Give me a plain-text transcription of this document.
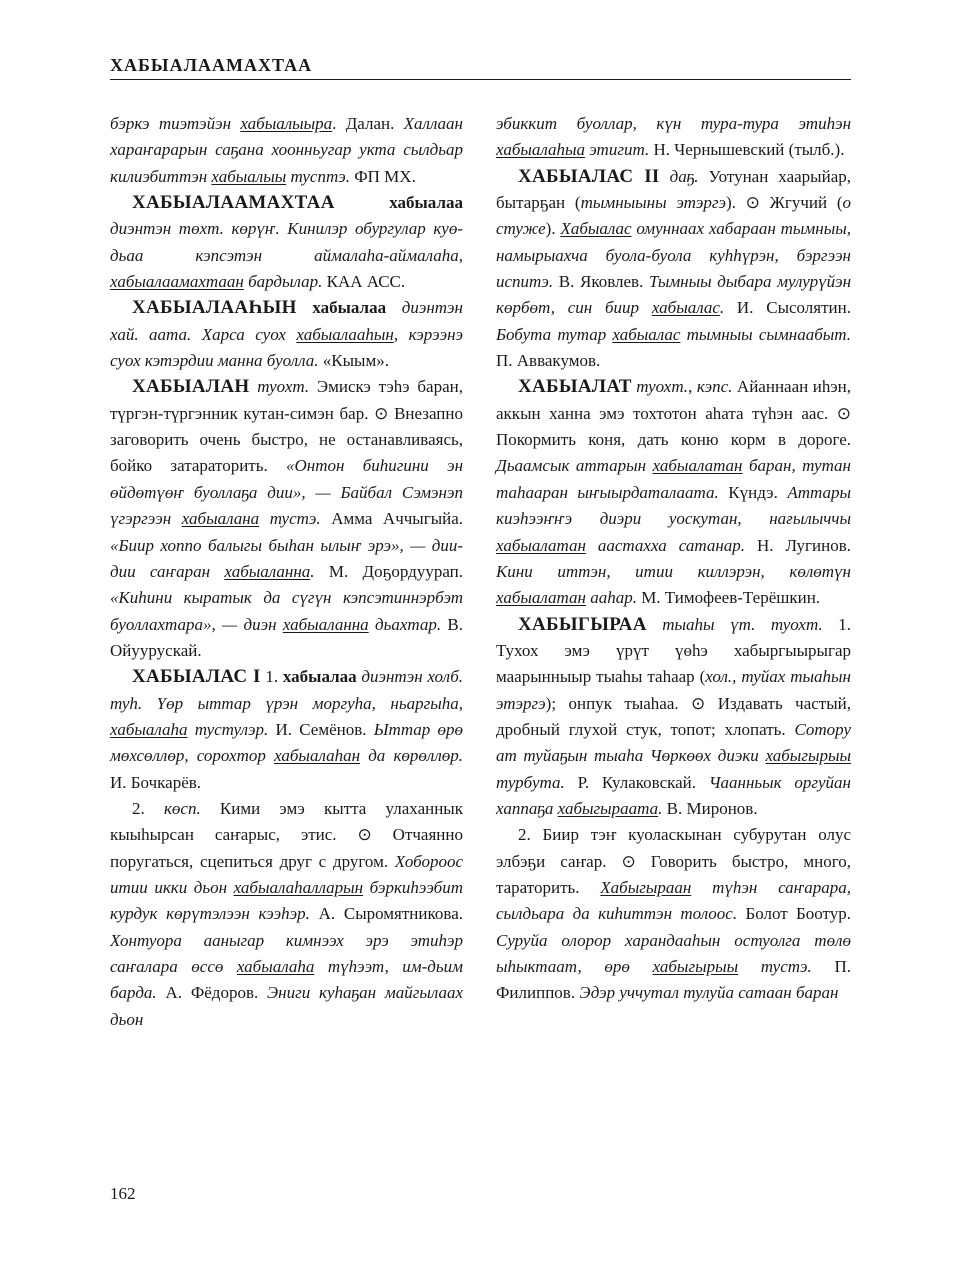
ХАБЫАЛААМАХТАА

бэркэ тиэтэйэн хабыалыыра. Далан. Халлаан хараҥарарын саҕана хоонньугар укта сылдьар килиэбиттэн хабыалыы тусптэ. ФП МХ.

ХАБЫАЛААМАХТАА хабыалаа диэнтэн төхт. көрүҥ. Кинилэр обургулар куө-дьаа кэпсэтэн аймалаһа-аймалаһа, хабыалаамахтаан бардылар. КАА АСС.

ХАБЫАЛААҺЫН хабыалаа диэнтэн хай. аата. Харса суох хабыалааһын, кэрээнэ суох кэтэрдии манна буолла. «Кыым».

ХАБЫАЛАН туохт. Эмискэ тэһэ баран, түргэн-түргэнник кутан-симэн бар. ⊙ Внезапно заговорить очень быстро, не останавливаясь, бойко затараторить. «Онтон биһигини эн өйдөтүөҥ буоллаҕа дии», — Байбал Сэмэнэп үгэргээн хабыалана тустэ. Амма Аччыгыйа. «Биир хоппо балыгы быһан ылыҥ эрэ», — дии-дии саҥаран хабыаланна. М. Доҕордуурап. «Киһини кыратык да сүгүн кэпсэтиннэрбэт буоллахтара», — диэн хабыаланна дьахтар. В. Ойуурускай.

ХАБЫАЛАС I 1. хабыалаа диэнтэн холб. туһ. Үөр ыттар үрэн моргуһа, ньаргыһа, хабыалаһа тустулэр. И. Семёнов. Ыттар өрө мөхсөллөр, сорохтор хабыалаһан да көрөллөр. И. Бочкарёв.

2. көсп. Кими эмэ кытта улаханнык кыыһырсан саҥарыс, этис. ⊙ Отчаянно поругаться, сцепиться друг с другом. Хобороос итии икки дьон хабыалаһалларын бэркиһээбит курдук көрүтэлээн кээһэр. А. Сыромятникова. Хонтуора ааныгар кимнээх эрэ этиһэр саҥалара өссө хабыалаһа түһээт, им-дьим барда. А. Фёдоров. Эниги куһаҕан майгылаах дьон

эбиккит буоллар, күн тура-тура этиһэн хабыалаһыа этигит. Н. Чернышевский (тылб.).

ХАБЫАЛАС II даҕ. Уотунан хаарыйар, бытарҕан (тымныыны этэргэ). ⊙ Жгучий (о стуже). Хабыалас омуннаах хабараан тымныы, намырыахча буола-буола куһһүрэн, бэргээн испитэ. В. Яковлев. Тымныы дыбара мулурүйэн көрбөт, син биир хабыалас. И. Сысолятин. Бобута тутар хабыалас тымныы сымнаабыт. П. Аввакумов.

ХАБЫАЛАТ туохт., кэпс. Айаннаан иһэн, аккын ханна эмэ тохтотон аһата түһэн аас. ⊙ Покормить коня, дать коню корм в дороге. Дьаамсык аттарын хабыалатан баран, тутан таһааран ыҥыырдаталаата. Күндэ. Аттары киэһээҥҥэ диэри уоскутан, нағылыччы хабыалатан аастахха сатанар. Н. Лугинов. Кини иттэн, итии киллэрэн, көлөтүн хабыалатан ааһар. М. Тимофеев-Терёшкин.

ХАБЫГЫРАА тыаһы үт. туохт. 1. Тухох эмэ үрүт үөһэ хабыргыырыгар маарынныыр тыаһы таһаар (хол., туйах тыаһын этэргэ); онпук тыаһаа. ⊙ Издавать частый, дробный глухой стук, топот; хлопать. Сотору ат туйаҕын тыаһа Чөркөөх диэки хабыгырыы турбута. Р. Кулаковскай. Чаанньык оргуйан хаппаҕа хабыгыраата. В. Миронов.

2. Биир тэҥ куоласкынан субурутан олус элбэҕи саҥар. ⊙ Говорить быстро, много, тараторить. Хабыгыраан түһэн саҥарара, сылдьара да киһиттэн толоос. Болот Боотур. Суруйа олорор харандааһын остуолга төлө ыһыктаат, өрө хабыгырыы тустэ. П. Филиппов. Эдэр уччутал тулуйа сатаан баран

162
